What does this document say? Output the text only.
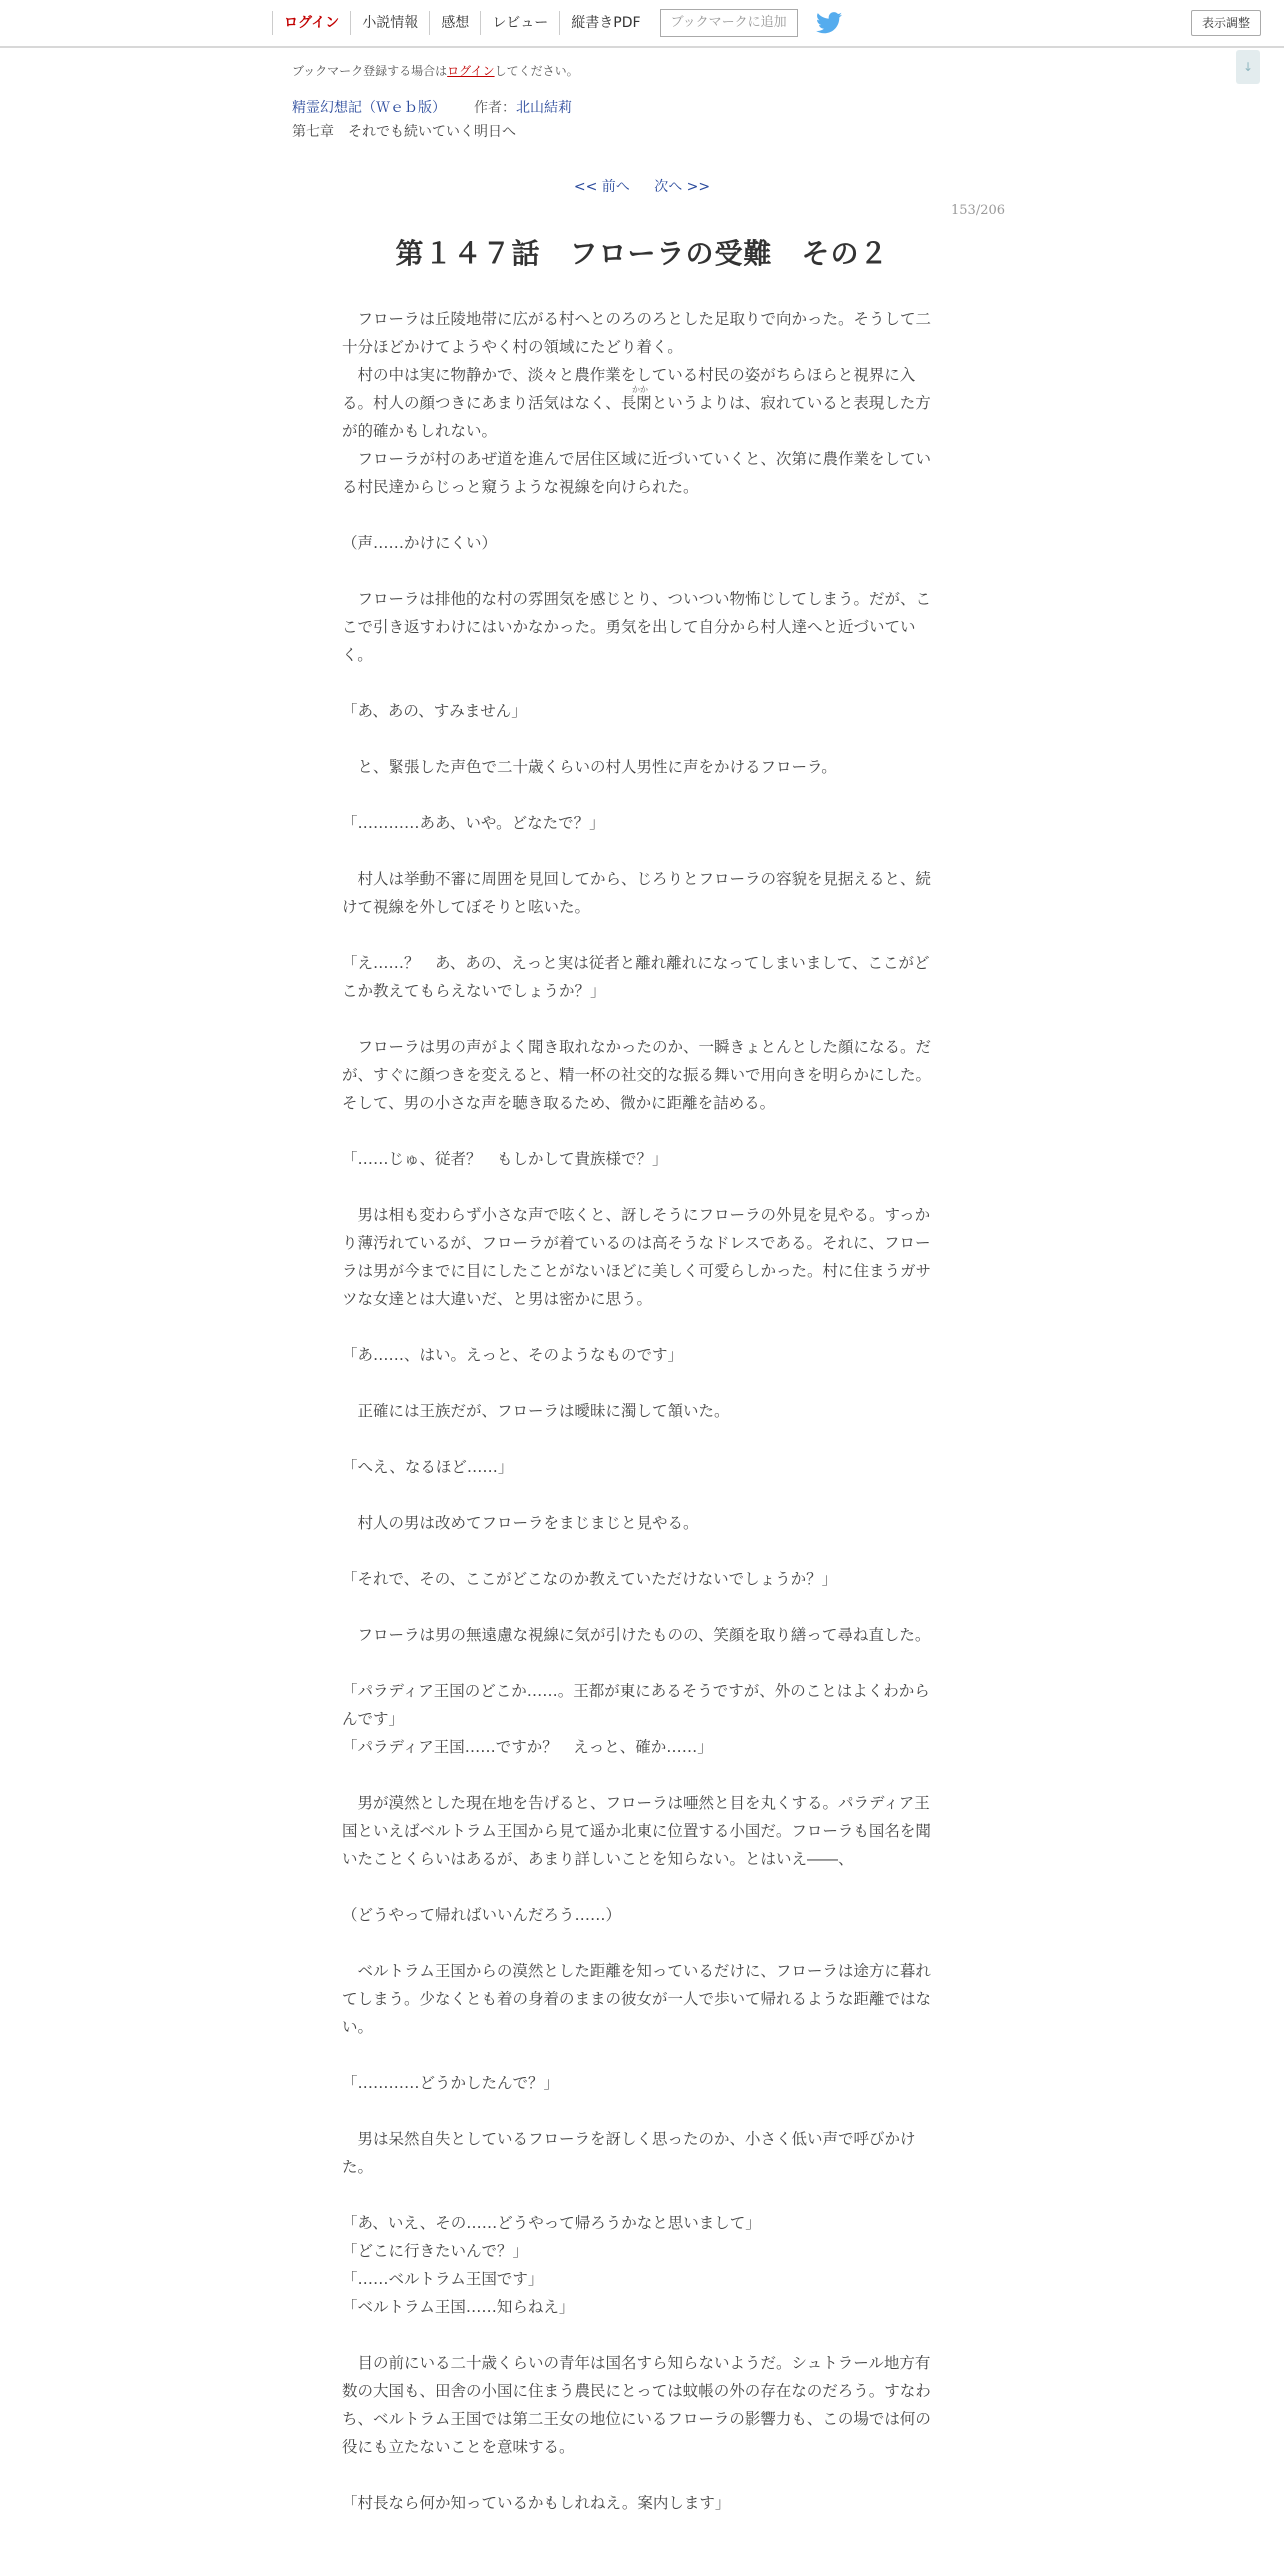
ログイン	小説情報	感想	レビュー	縦書きPDF	ブックマークに追加	表示調整
↓
ブックマーク登録する場合はログインしてください。
精霊幻想記（Ｗｅｂ版） 作者：北山結莉
第七章　それでも続いていく明日へ
<< 前へ 次へ >>
153/206
第１４７話　フローラの受難　その２
かか

　フローラは丘陵地帯に広がる村へとのろのろとした足取りで向かった。そうして二十分ほどかけてようやく村の領域にたどり着く。

　村の中は実に物静かで、淡々と農作業をしている村民の姿がちらほらと視界に入る。村人の顔つきにあまり活気はなく、長閑というよりは、寂れていると表現した方が的確かもしれない。

　フローラが村のあぜ道を進んで居住区域に近づいていくと、次第に農作業をしている村民達からじっと窺うような視線を向けられた。

（声……かけにくい）

　フローラは排他的な村の雰囲気を感じとり、ついつい物怖じしてしまう。だが、ここで引き返すわけにはいかなかった。勇気を出して自分から村人達へと近づいていく。

「あ、あの、すみません」

　と、緊張した声色で二十歳くらいの村人男性に声をかけるフローラ。

「…………ああ、いや。どなたで？」

　村人は挙動不審に周囲を見回してから、じろりとフローラの容貌を見据えると、続けて視線を外してぼそりと呟いた。

「え……？　あ、あの、えっと実は従者と離れ離れになってしまいまして、ここがどこか教えてもらえないでしょうか？」

　フローラは男の声がよく聞き取れなかったのか、一瞬きょとんとした顔になる。だが、すぐに顔つきを変えると、精一杯の社交的な振る舞いで用向きを明らかにした。そして、男の小さな声を聴き取るため、微かに距離を詰める。

「……じゅ、従者？　もしかして貴族様で？」

　男は相も変わらず小さな声で呟くと、訝しそうにフローラの外見を見やる。すっかり薄汚れているが、フローラが着ているのは高そうなドレスである。それに、フローラは男が今までに目にしたことがないほどに美しく可愛らしかった。村に住まうガサツな女達とは大違いだ、と男は密かに思う。

「あ……、はい。えっと、そのようなものです」

　正確には王族だが、フローラは曖昧に濁して頷いた。

「へえ、なるほど……」

　村人の男は改めてフローラをまじまじと見やる。

「それで、その、ここがどこなのか教えていただけないでしょうか？」

　フローラは男の無遠慮な視線に気が引けたものの、笑顔を取り繕って尋ね直した。

「パラディア王国のどこか……。王都が東にあるそうですが、外のことはよくわからんです」

「パラディア王国……ですか？　えっと、確か……」

　男が漠然とした現在地を告げると、フローラは唖然と目を丸くする。パラディア王国といえばベルトラム王国から見て遥か北東に位置する小国だ。フローラも国名を聞いたことくらいはあるが、あまり詳しいことを知らない。とはいえ――、

（どうやって帰ればいいんだろう……）

　ベルトラム王国からの漠然とした距離を知っているだけに、フローラは途方に暮れてしまう。少なくとも着の身着のままの彼女が一人で歩いて帰れるような距離ではない。

「…………どうかしたんで？」

　男は呆然自失としているフローラを訝しく思ったのか、小さく低い声で呼びかけた。

「あ、いえ、その……どうやって帰ろうかなと思いまして」

「どこに行きたいんで？」

「……ベルトラム王国です」

「ベルトラム王国……知らねえ」

　目の前にいる二十歳くらいの青年は国名すら知らないようだ。シュトラール地方有数の大国も、田舎の小国に住まう農民にとっては蚊帳の外の存在なのだろう。すなわち、ベルトラム王国では第二王女の地位にいるフローラの影響力も、この場では何の役にも立たないことを意味する。

「村長なら何か知っているかもしれねえ。案内します」
